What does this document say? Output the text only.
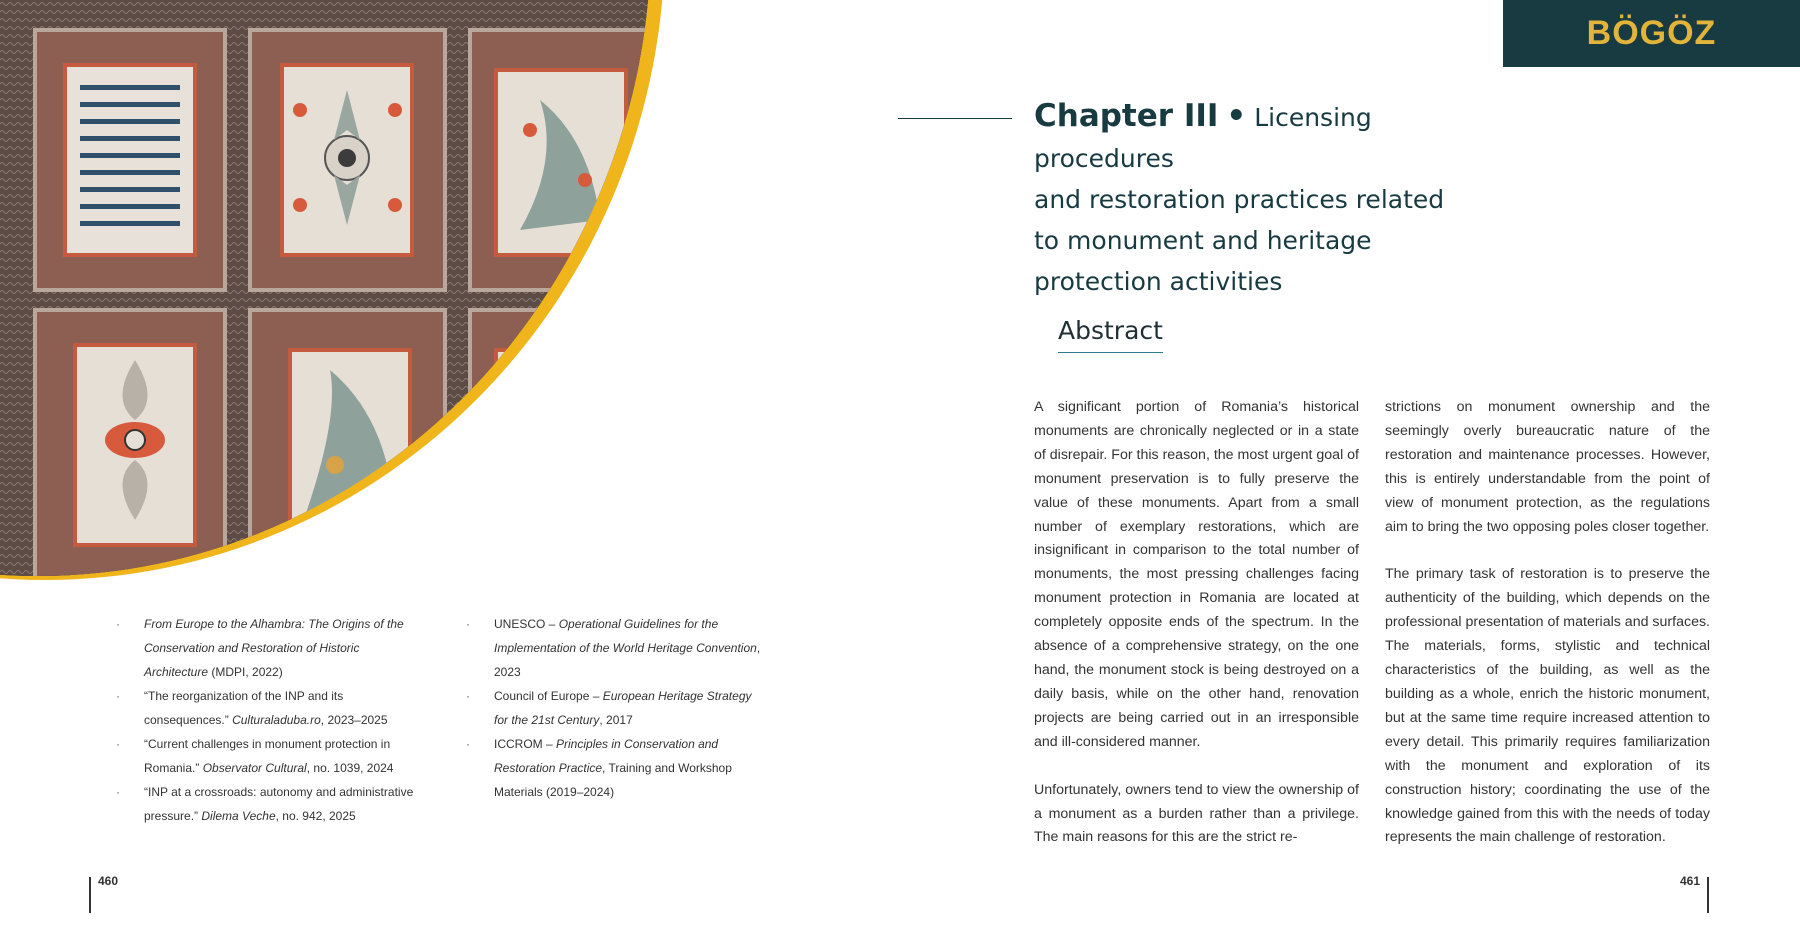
BÖGÖZ
Chapter III • Licensing procedures
and restoration practices related
to monument and heritage
protection activities
Abstract

A significant portion of Romania’s historical monuments are chronically neglected or in a state of disrepair. For this reason, the most urgent goal of monument preservation is to fully preserve the value of these monuments. Apart from a small number of exemplary restorations, which are insignificant in comparison to the total number of monuments, the most pressing challenges facing monument protection in Romania are located at completely opposite ends of the spectrum. In the absence of a comprehensive strategy, on the one hand, the monument stock is being destroyed on a daily basis, while on the other hand, renovation projects are being carried out in an irresponsible and ill-considered manner.

Unfortunately, owners tend to view the ownership of a monument as a burden rather than a privilege. The main reasons for this are the strict re-

strictions on monument ownership and the seemingly overly bureaucratic nature of the restoration and maintenance processes. However, this is entirely understandable from the point of view of monument protection, as the regulations aim to bring the two opposing poles closer together.

The primary task of restoration is to preserve the authenticity of the building, which depends on the professional presentation of materials and surfaces. The materials, forms, stylistic and technical characteristics of the building, as well as the building as a whole, enrich the historic monument, but at the same time require increased attention to every detail. This primarily requires familiarization with the monument and exploration of its construction history; coordinating the use of the knowledge gained from this with the needs of today represents the main challenge of restoration.

· From Europe to the Alhambra: The Origins of the Conservation and Restoration of Historic Architecture (MDPI, 2022)
· “The reorganization of the INP and its consequences.” Culturaladuba.ro, 2023–2025
· “Current challenges in monument protection in Romania.” Observator Cultural, no. 1039, 2024
· “INP at a crossroads: autonomy and administrative pressure.” Dilema Veche, no. 942, 2025
· UNESCO – Operational Guidelines for the Implementation of the World Heritage Convention, 2023
· Council of Europe – European Heritage Strategy for the 21st Century, 2017
· ICCROM – Principles in Conservation and Restoration Practice, Training and Workshop Materials (2019–2024)
460	461
